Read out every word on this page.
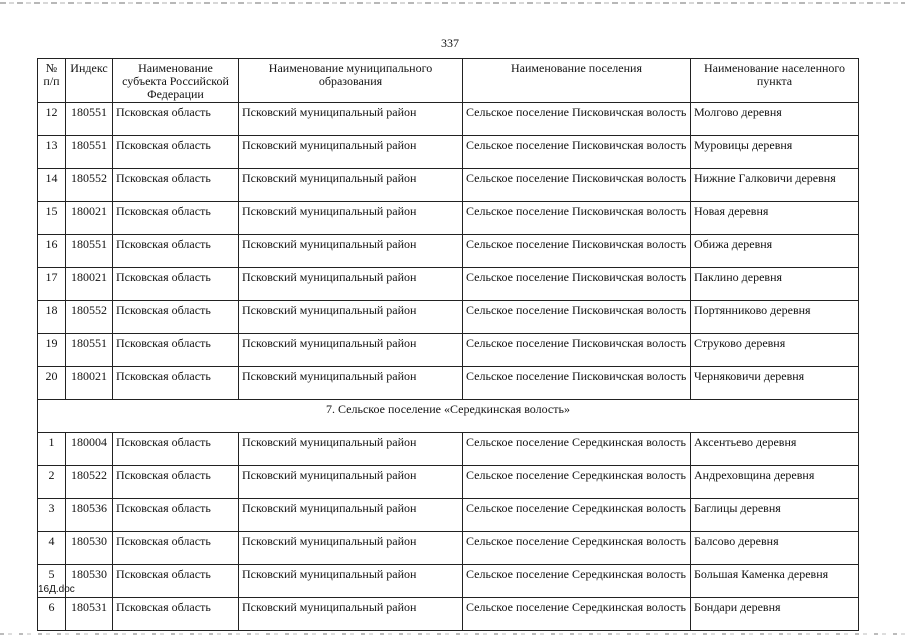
337
№ п/п	Индекс	Наименование субъекта Российской Федерации	Наименование муниципального образования	Наименование поселения	Наименование населенного пункта
12	180551	Псковская область	Псковский муниципальный район	Сельское поселение Писковичская волость	Молгово деревня
13	180551	Псковская область	Псковский муниципальный район	Сельское поселение Писковичская волость	Муровицы деревня
14	180552	Псковская область	Псковский муниципальный район	Сельское поселение Писковичская волость	Нижние Галковичи деревня
15	180021	Псковская область	Псковский муниципальный район	Сельское поселение Писковичская волость	Новая деревня
16	180551	Псковская область	Псковский муниципальный район	Сельское поселение Писковичская волость	Обижа деревня
17	180021	Псковская область	Псковский муниципальный район	Сельское поселение Писковичская волость	Паклино деревня
18	180552	Псковская область	Псковский муниципальный район	Сельское поселение Писковичская волость	Портянниково деревня
19	180551	Псковская область	Псковский муниципальный район	Сельское поселение Писковичская волость	Струково деревня
20	180021	Псковская область	Псковский муниципальный район	Сельское поселение Писковичская волость	Черняковичи деревня
7. Сельское поселение «Середкинская волость»					
1	180004	Псковская область	Псковский муниципальный район	Сельское поселение Середкинская волость	Аксентьево деревня
2	180522	Псковская область	Псковский муниципальный район	Сельское поселение Середкинская волость	Андреховщина деревня
3	180536	Псковская область	Псковский муниципальный район	Сельское поселение Середкинская волость	Баглицы деревня
4	180530	Псковская область	Псковский муниципальный район	Сельское поселение Середкинская волость	Балсово деревня
5	180530	Псковская область	Псковский муниципальный район	Сельское поселение Середкинская волость	Большая Каменка деревня
6	180531	Псковская область	Псковский муниципальный район	Сельское поселение Середкинская волость	Бондари деревня
16Д.doc
